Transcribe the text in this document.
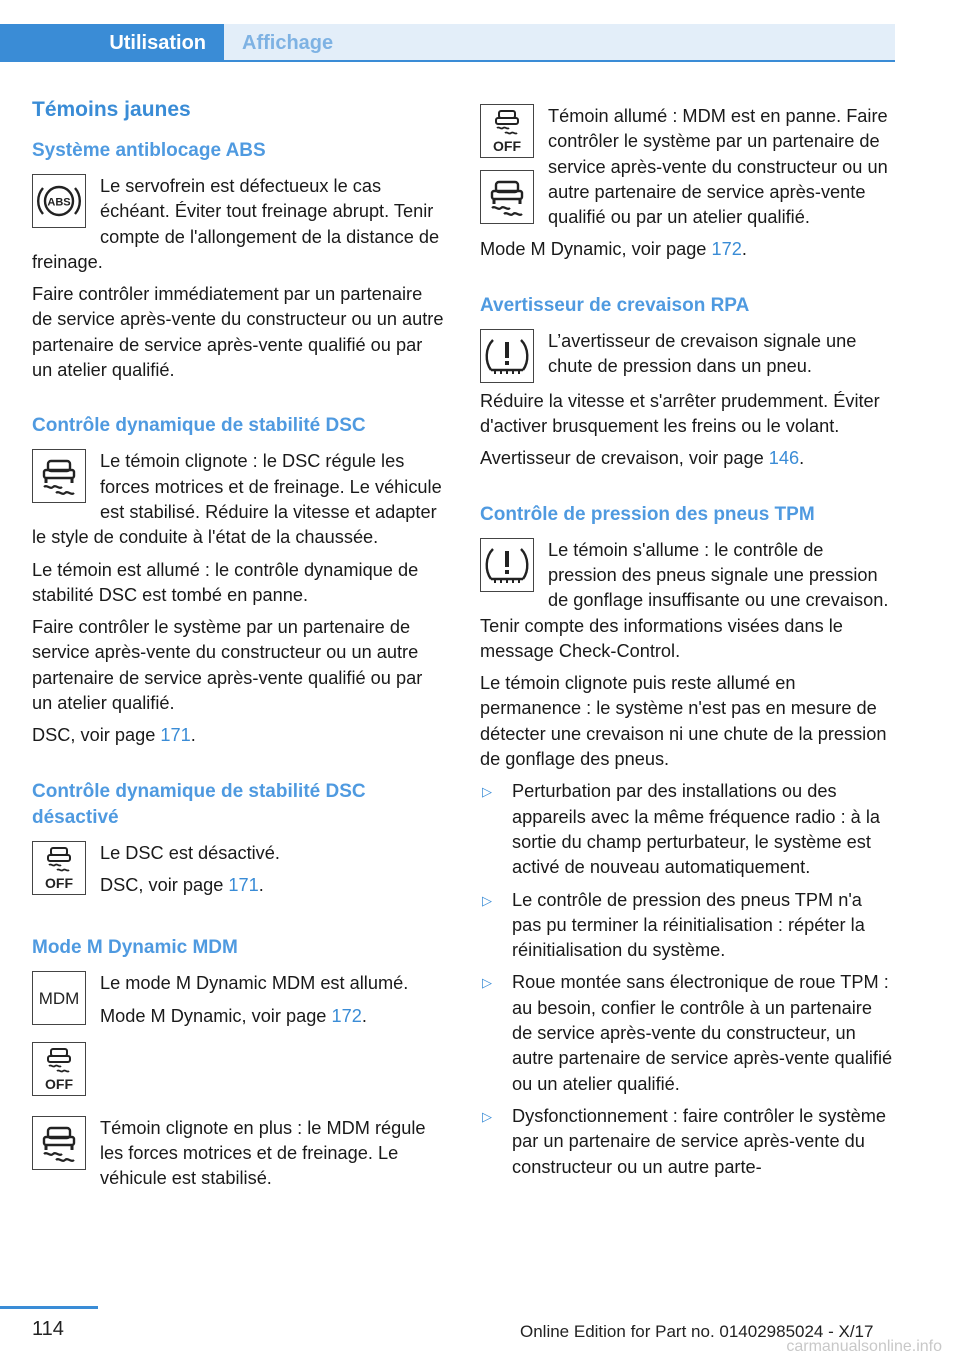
Utilisation	Affichage
Témoins jaunes
Système antiblocage ABS
ABS

Le servofrein est défectueux le cas échéant. Éviter tout freinage abrupt. Tenir compte de l'allongement de la distance de freinage.

Faire contrôler immédiatement par un partenaire de service après-vente du constructeur ou un autre partenaire de service après-vente qualifié ou par un atelier qualifié.

Contrôle dynamique de stabilité DSC

Le témoin clignote : le DSC régule les forces motrices et de freinage. Le véhicule est stabilisé. Réduire la vitesse et adapter le style de conduite à l'état de la chaussée.

Le témoin est allumé : le contrôle dynamique de stabilité DSC est tombé en panne.

Faire contrôler le système par un partenaire de service après-vente du constructeur ou un autre partenaire de service après-vente qualifié ou par un atelier qualifié.

DSC, voir page 171.

Contrôle dynamique de stabilité DSC désactivé
OFF

Le DSC est désactivé.

DSC, voir page 171.

Mode M Dynamic MDM
MDM

Le mode M Dynamic MDM est allumé.

Mode M Dynamic, voir page 172.

OFF

Témoin clignote en plus : le MDM régule les forces motrices et de freinage. Le véhicule est stabilisé.

OFF

Témoin allumé : MDM est en panne. Faire contrôler le système par un partenaire de service après-vente du constructeur ou un autre partenaire de service après-vente qualifié ou par un atelier qualifié.

Mode M Dynamic, voir page 172.

Avertisseur de crevaison RPA

L’avertisseur de crevaison signale une chute de pression dans un pneu.

Réduire la vitesse et s'arrêter prudemment. Éviter d'activer brusquement les freins ou le volant.

Avertisseur de crevaison, voir page 146.

Contrôle de pression des pneus TPM

Le témoin s'allume : le contrôle de pression des pneus signale une pression de gonflage insuffisante ou une crevaison. Tenir compte des informations visées dans le message Check-Control.

Le témoin clignote puis reste allumé en permanence : le système n'est pas en mesure de détecter une crevaison ni une chute de la pression de gonflage des pneus.

▷ Perturbation par des installations ou des appareils avec la même fréquence radio : à la sortie du champ perturbateur, le système est activé de nouveau automatiquement.
▷ Le contrôle de pression des pneus TPM n'a pas pu terminer la réinitialisation : répéter la réinitialisation du système.
▷ Roue montée sans électronique de roue TPM : au besoin, confier le contrôle à un partenaire de service après-vente du constructeur, un autre partenaire de service après-vente qualifié ou un atelier qualifié.
▷ Dysfonctionnement : faire contrôler le système par un partenaire de service après-vente du constructeur ou un autre parte-
114	Online Edition for Part no. 01402985024 - X/17
carmanualsonline.info
